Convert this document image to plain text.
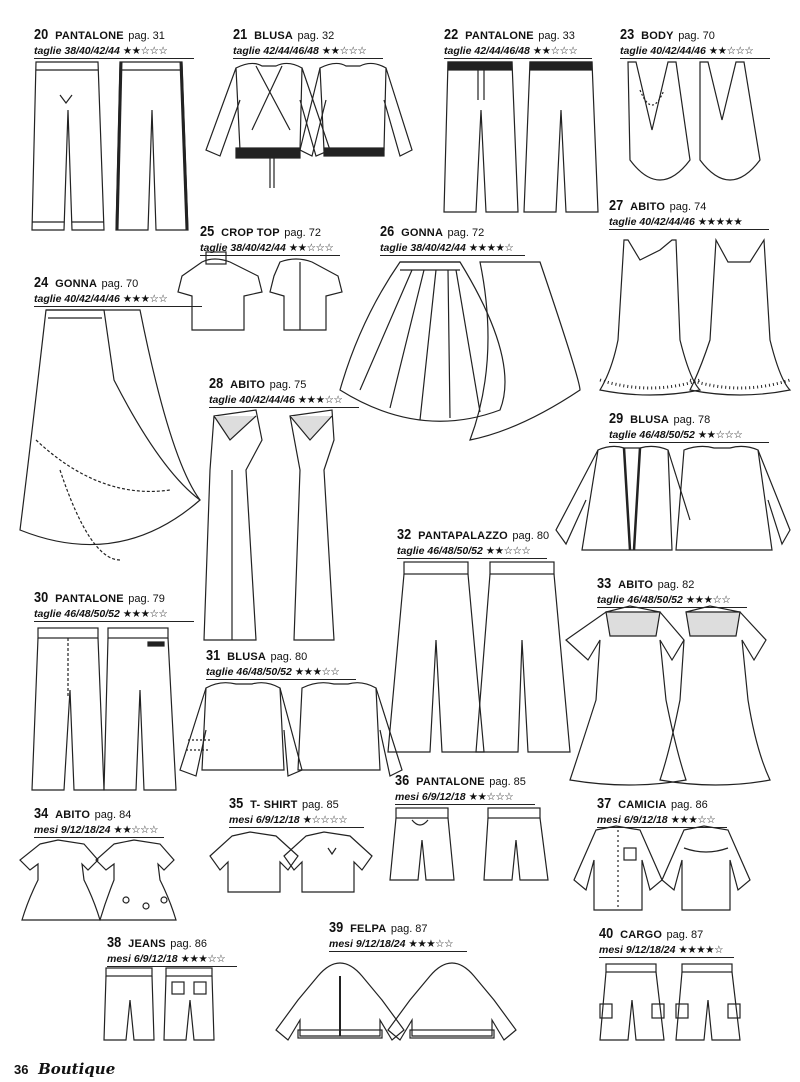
20 PANTALONE pag. 31
taglie 38/40/42/44 ★★☆☆☆
21 BLUSA pag. 32
taglie 42/44/46/48 ★★☆☆☆
22 PANTALONE pag. 33
taglie 42/44/46/48 ★★☆☆☆
23 BODY pag. 70
taglie 40/42/44/46 ★★☆☆☆
24 GONNA pag. 70
taglie 40/42/44/46 ★★★☆☆
25 CROP TOP pag. 72
taglie 38/40/42/44 ★★☆☆☆
26 GONNA pag. 72
taglie 38/40/42/44 ★★★★☆
27 ABITO pag. 74
taglie 40/42/44/46 ★★★★★
28 ABITO pag. 75
taglie 40/42/44/46 ★★★☆☆
29 BLUSA pag. 78
taglie 46/48/50/52 ★★☆☆☆
30 PANTALONE pag. 79
taglie 46/48/50/52 ★★★☆☆
31 BLUSA pag. 80
taglie 46/48/50/52 ★★★☆☆
32 PANTAPALAZZO pag. 80
taglie 46/48/50/52 ★★☆☆☆
33 ABITO pag. 82
taglie 46/48/50/52 ★★★☆☆
34 ABITO pag. 84
mesi 9/12/18/24 ★★☆☆☆
35 T- SHIRT pag. 85
mesi 6/9/12/18 ★☆☆☆☆
36 PANTALONE pag. 85
mesi 6/9/12/18 ★★☆☆☆	37 CAMICIA pag. 86
mesi 6/9/12/18 ★★★☆☆
38 JEANS pag. 86
mesi 6/9/12/18 ★★★☆☆
39 FELPA pag. 87
mesi 9/12/18/24 ★★★☆☆
40 CARGO pag. 87
mesi 9/12/18/24 ★★★★☆
36 Boutique
